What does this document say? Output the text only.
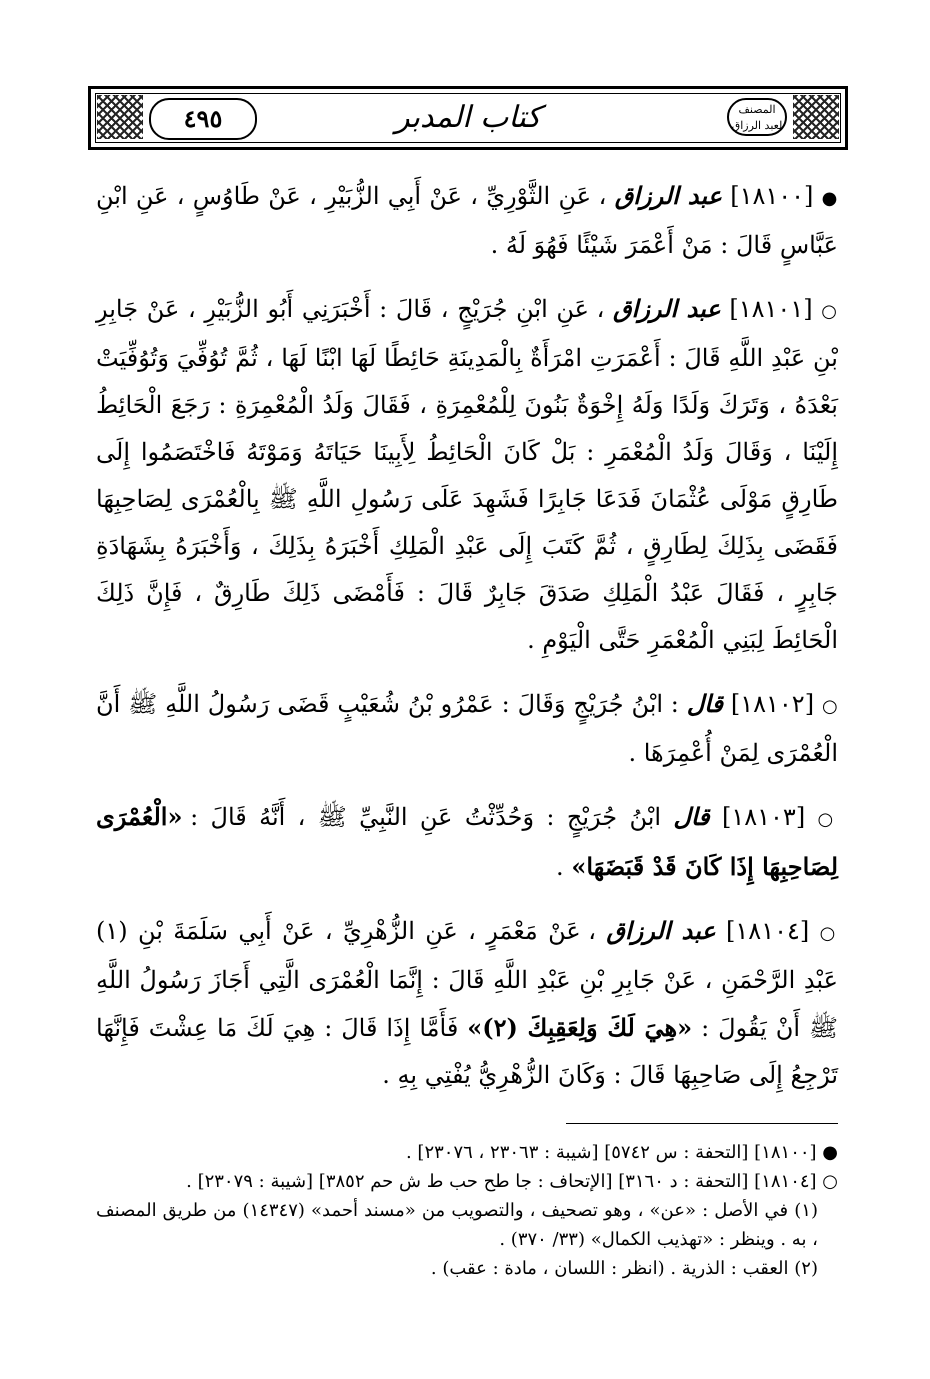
٤٩٥	كتاب المدبر	المصنف لعبد الرزاق

● [١٨١٠٠] عبد الرزاق ، عَنِ الثَّوْرِيِّ ، عَنْ أَبِي الزُّبَيْرِ ، عَنْ طَاوُسٍ ، عَنِ ابْنِ عَبَّاسٍ قَالَ : مَنْ أَعْمَرَ شَيْئًا فَهُوَ لَهُ .

○ [١٨١٠١] عبد الرزاق ، عَنِ ابْنِ جُرَيْجٍ ، قَالَ : أَخْبَرَنِي أَبُو الزُّبَيْرِ ، عَنْ جَابِرِ بْنِ عَبْدِ اللَّهِ قَالَ : أَعْمَرَتِ امْرَأَةٌ بِالْمَدِينَةِ حَائِطًا لَهَا ابْنًا لَهَا ، ثُمَّ تُوُفِّيَ وَتُوُفِّيَتْ بَعْدَهُ ، وَتَرَكَ وَلَدًا وَلَهُ إِخْوَةٌ بَنُونَ لِلْمُعْمِرَةِ ، فَقَالَ وَلَدُ الْمُعْمِرَةِ : رَجَعَ الْحَائِطُ إِلَيْنَا ، وَقَالَ وَلَدُ الْمُعْمَرِ : بَلْ كَانَ الْحَائِطُ لِأَبِينَا حَيَاتَهُ وَمَوْتَهُ فَاخْتَصَمُوا إِلَى طَارِقٍ مَوْلَى عُثْمَانَ فَدَعَا جَابِرًا فَشَهِدَ عَلَى رَسُولِ اللَّهِ ﷺ بِالْعُمْرَى لِصَاحِبِهَا فَقَضَى بِذَلِكَ لِطَارِقٍ ، ثُمَّ كَتَبَ إِلَى عَبْدِ الْمَلِكِ أَخْبَرَهُ بِذَلِكَ ، وَأَخْبَرَهُ بِشَهَادَةِ جَابِرٍ ، فَقَالَ عَبْدُ الْمَلِكِ صَدَقَ جَابِرٌ قَالَ : فَأَمْضَى ذَلِكَ طَارِقٌ ، فَإِنَّ ذَلِكَ الْحَائِطَ لِبَنِي الْمُعْمَرِ حَتَّى الْيَوْمِ .

○ [١٨١٠٢] قال : ابْنُ جُرَيْجٍ وَقَالَ : عَمْرُو بْنُ شُعَيْبٍ قَضَى رَسُولُ اللَّهِ ﷺ أَنَّ الْعُمْرَى لِمَنْ أُعْمِرَهَا .

○ [١٨١٠٣] قال ابْنُ جُرَيْجٍ : وَحُدِّثْتُ عَنِ النَّبِيِّ ﷺ ، أَنَّهُ قَالَ : «الْعُمْرَى لِصَاحِبِهَا إِذَا كَانَ قَدْ قَبَضَهَا» .

○ [١٨١٠٤] عبد الرزاق ، عَنْ مَعْمَرٍ ، عَنِ الزُّهْرِيِّ ، عَنْ أَبِي سَلَمَةَ بْنِ (١) عَبْدِ الرَّحْمَنِ ، عَنْ جَابِرِ بْنِ عَبْدِ اللَّهِ قَالَ : إِنَّمَا الْعُمْرَى الَّتِي أَجَازَ رَسُولُ اللَّهِ ﷺ أَنْ يَقُولَ : «هِيَ لَكَ وَلِعَقِبِكَ (٢)» فَأَمَّا إِذَا قَالَ : هِيَ لَكَ مَا عِشْتَ فَإِنَّهَا تَرْجِعُ إِلَى صَاحِبِهَا قَالَ : وَكَانَ الزُّهْرِيُّ يُفْتِي بِهِ .

● [١٨١٠٠] [التحفة : س ٥٧٤٢] [شيبة : ٢٣٠٦٣ ، ٢٣٠٧٦] .

○ [١٨١٠٤] [التحفة : د ٣١٦٠] [الإتحاف : جا طح حب ط ش حم ٣٨٥٢] [شيبة : ٢٣٠٧٩] .

(١) في الأصل : «عن» ، وهو تصحيف ، والتصويب من «مسند أحمد» (١٤٣٤٧) من طريق المصنف ، به . وينظر : «تهذيب الكمال» (٣٣/ ٣٧٠) .

(٢) العقب : الذرية . (انظر : اللسان ، مادة : عقب) .
